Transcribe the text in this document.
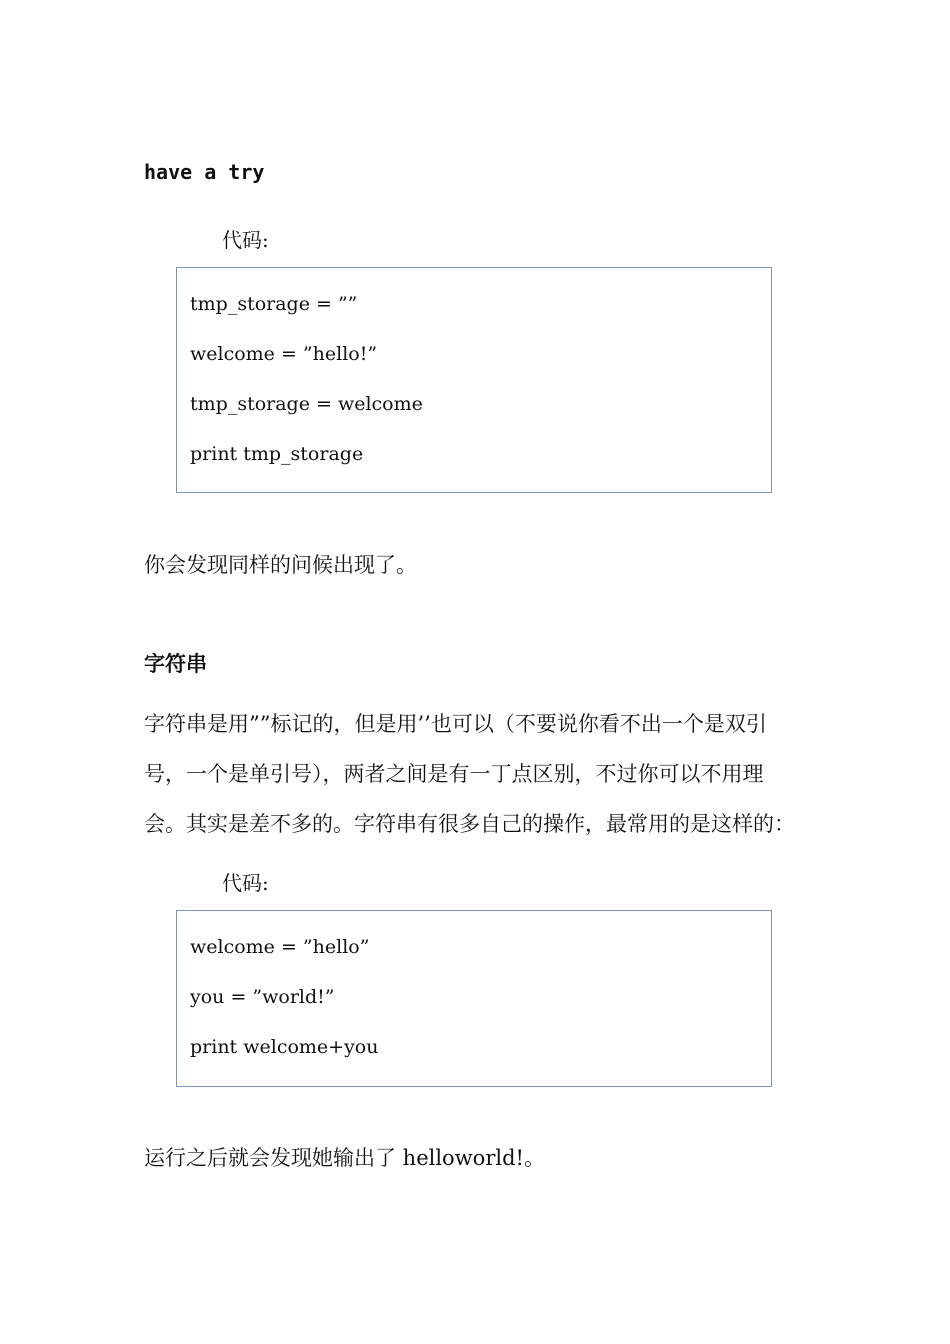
have a try
代码:
tmp_storage = ””
welcome = ”hello!”
tmp_storage = welcome
print tmp_storage
你会发现同样的问候出现了。
字符串
字符串是用””标记的，但是用’’也可以（不要说你看不出一个是双引
号，一个是单引号），两者之间是有一丁点区别，不过你可以不用理
会。其实是差不多的。字符串有很多自己的操作，最常用的是这样的：
代码:
welcome = ”hello”
you = ”world!”
print welcome+you
运行之后就会发现她输出了 helloworld!。
